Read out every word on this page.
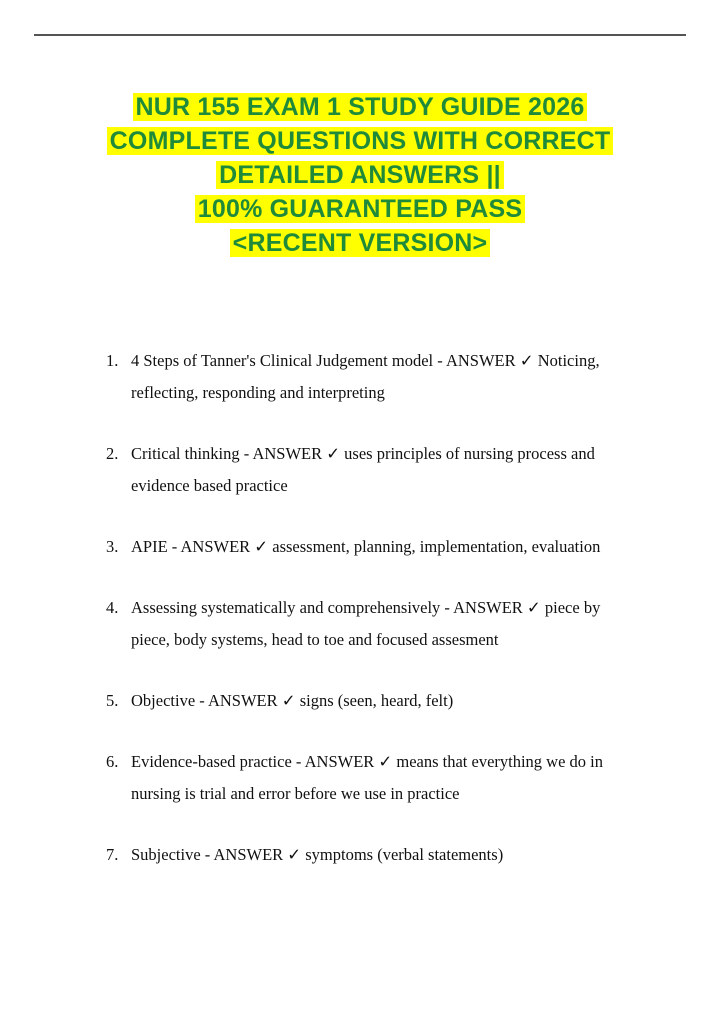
NUR 155 EXAM 1 STUDY GUIDE 2026
COMPLETE QUESTIONS WITH CORRECT
DETAILED ANSWERS ||
100% GUARANTEED PASS
<RECENT VERSION>
1. 4 Steps of Tanner's Clinical Judgement model - ANSWER ✓ Noticing, reflecting, responding and interpreting
2. Critical thinking - ANSWER ✓ uses principles of nursing process and evidence based practice
3. APIE - ANSWER ✓ assessment, planning, implementation, evaluation
4. Assessing systematically and comprehensively - ANSWER ✓ piece by piece, body systems, head to toe and focused assesment
5. Objective - ANSWER ✓ signs (seen, heard, felt)
6. Evidence-based practice - ANSWER ✓ means that everything we do in nursing is trial and error before we use in practice
7. Subjective - ANSWER ✓ symptoms (verbal statements)
